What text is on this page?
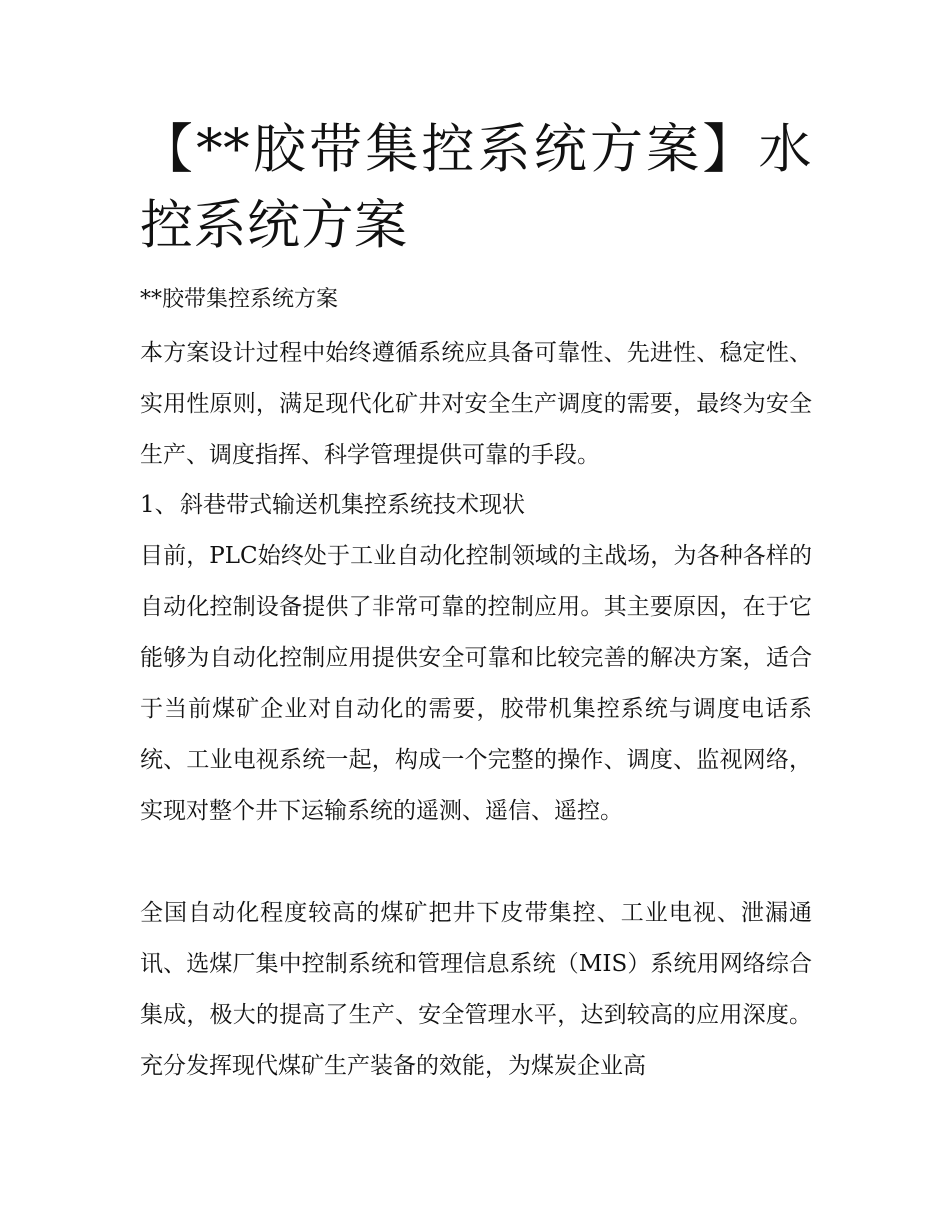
【**胶带集控系统方案】水控系统方案

**胶带集控系统方案

本方案设计过程中始终遵循系统应具备可靠性、先进性、稳定性、实用性原则，满足现代化矿井对安全生产调度的需要，最终为安全生产、调度指挥、科学管理提供可靠的手段。

1、 斜巷带式输送机集控系统技术现状

目前，PLC始终处于工业自动化控制领域的主战场，为各种各样的自动化控制设备提供了非常可靠的控制应用。其主要原因，在于它能够为自动化控制应用提供安全可靠和比较完善的解决方案，适合于当前煤矿企业对自动化的需要，胶带机集控系统与调度电话系统、工业电视系统一起，构成一个完整的操作、调度、监视网络，实现对整个井下运输系统的遥测、遥信、遥控。

全国自动化程度较高的煤矿把井下皮带集控、工业电视、泄漏通讯、选煤厂集中控制系统和管理信息系统（MIS）系统用网络综合集成，极大的提高了生产、安全管理水平，达到较高的应用深度。充分发挥现代煤矿生产装备的效能，为煤炭企业高
